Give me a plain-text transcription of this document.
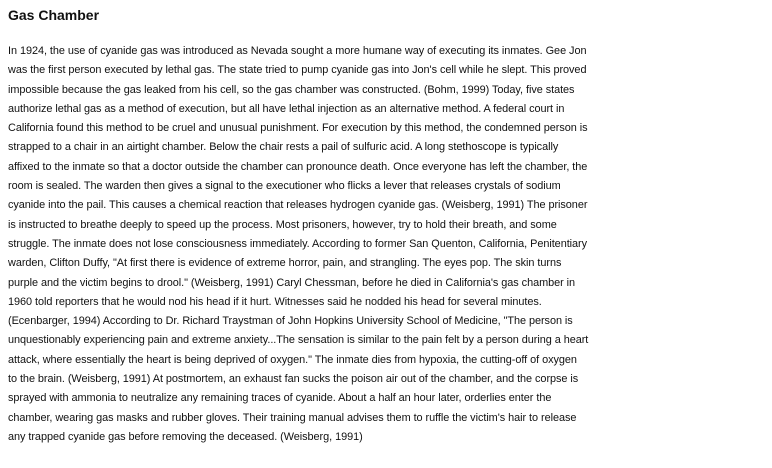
Gas Chamber

In 1924, the use of cyanide gas was introduced as Nevada sought a more humane way of executing its inmates. Gee Jon
was the first person executed by lethal gas. The state tried to pump cyanide gas into Jon's cell while he slept. This proved
impossible because the gas leaked from his cell, so the gas chamber was constructed. (Bohm, 1999) Today, five states
authorize lethal gas as a method of execution, but all have lethal injection as an alternative method. A federal court in
California found this method to be cruel and unusual punishment. For execution by this method, the condemned person is
strapped to a chair in an airtight chamber. Below the chair rests a pail of sulfuric acid. A long stethoscope is typically
affixed to the inmate so that a doctor outside the chamber can pronounce death. Once everyone has left the chamber, the
room is sealed. The warden then gives a signal to the executioner who flicks a lever that releases crystals of sodium
cyanide into the pail. This causes a chemical reaction that releases hydrogen cyanide gas. (Weisberg, 1991) The prisoner
is instructed to breathe deeply to speed up the process. Most prisoners, however, try to hold their breath, and some
struggle. The inmate does not lose consciousness immediately. According to former San Quenton, California, Penitentiary
warden, Clifton Duffy, "At first there is evidence of extreme horror, pain, and strangling. The eyes pop. The skin turns
purple and the victim begins to drool." (Weisberg, 1991) Caryl Chessman, before he died in California's gas chamber in
1960 told reporters that he would nod his head if it hurt. Witnesses said he nodded his head for several minutes.
(Ecenbarger, 1994) According to Dr. Richard Traystman of John Hopkins University School of Medicine, "The person is
unquestionably experiencing pain and extreme anxiety...The sensation is similar to the pain felt by a person during a heart
attack, where essentially the heart is being deprived of oxygen." The inmate dies from hypoxia, the cutting-off of oxygen
to the brain. (Weisberg, 1991) At postmortem, an exhaust fan sucks the poison air out of the chamber, and the corpse is
sprayed with ammonia to neutralize any remaining traces of cyanide. About a half an hour later, orderlies enter the
chamber, wearing gas masks and rubber gloves. Their training manual advises them to ruffle the victim's hair to release
any trapped cyanide gas before removing the deceased. (Weisberg, 1991)
